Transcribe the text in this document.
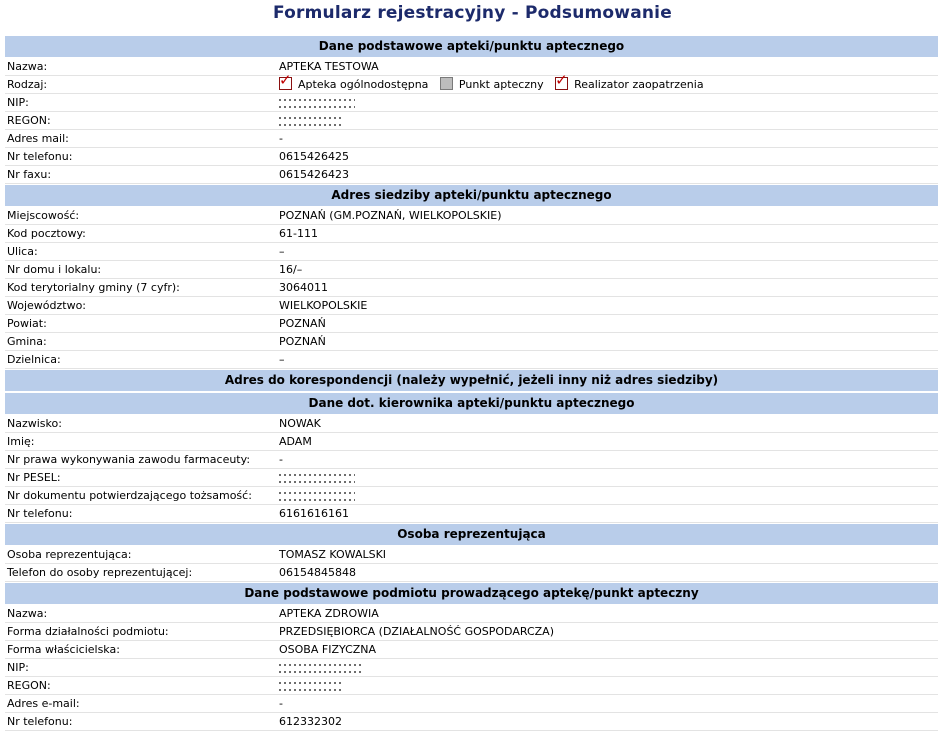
Formularz rejestracyjny - Podsumowanie
Dane podstawowe apteki/punktu aptecznego
Nazwa:	APTEKA TESTOWA
Rodzaj: ✓	Apteka ogólnodostępna	Punkt apteczny ✓	Realizator zaopatrzenia
NIP:
REGON:
Adres mail:	-
Nr telefonu:	0615426425
Nr faxu:	0615426423
Adres siedziby apteki/punktu aptecznego
Miejscowość:	POZNAŃ (GM.POZNAŃ, WIELKOPOLSKIE)
Kod pocztowy:	61-111
Ulica:	–
Nr domu i lokalu:	16/–
Kod terytorialny gminy (7 cyfr):	3064011
Województwo:	WIELKOPOLSKIE
Powiat:	POZNAŃ
Gmina:	POZNAŃ
Dzielnica:	–
Adres do korespondencji (należy wypełnić, jeżeli inny niż adres siedziby)
Dane dot. kierownika apteki/punktu aptecznego
Nazwisko:	NOWAK
Imię:	ADAM
Nr prawa wykonywania zawodu farmaceuty:	-
Nr PESEL:
Nr dokumentu potwierdzającego tożsamość:
Nr telefonu:	6161616161
Osoba reprezentująca
Osoba reprezentująca:	TOMASZ KOWALSKI
Telefon do osoby reprezentującej:	06154845848
Dane podstawowe podmiotu prowadzącego aptekę/punkt apteczny
Nazwa:	APTEKA ZDROWIA
Forma działalności podmiotu:	PRZEDSIĘBIORCA (DZIAŁALNOŚĆ GOSPODARCZA)
Forma właścicielska:	OSOBA FIZYCZNA
NIP:
REGON:
Adres e-mail:	-
Nr telefonu:	612332302
